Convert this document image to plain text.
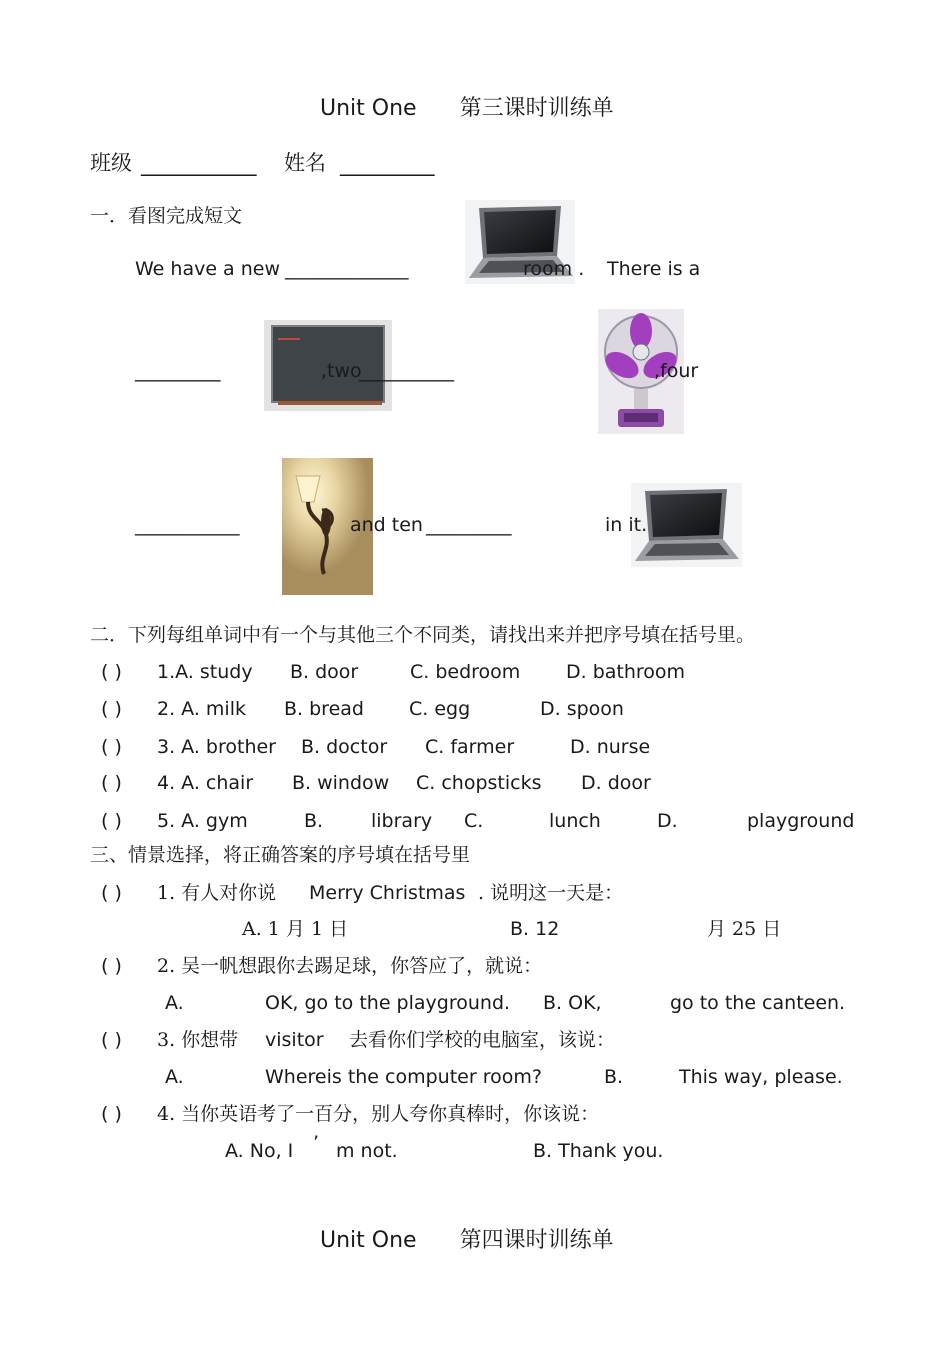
Unit One 第三课时训练单
班级 ___________ 姓名 _________
一．看图完成短文
We have a new _____________	room . There is a
_________	,two
__________	,four
___________	and ten _________	in it.
二．下列每组单词中有一个与其他三个不同类，请找出来并把序号填在括号里。
( ) 1.A. study B. door	C. bedroom D. bathroom
( ) 2. A. milk B. bread C. egg	D. spoon
( ) 3. A. brother B. doctor C. farmer	D. nurse
( ) 4. A. chair B. window C. chopsticks D. door
( ) 5. A. gym	B.	library C.	lunch	D.	playground
三、情景选择，将正确答案的序号填在括号里
( ) 1. 有人对你说 Merry Christmas . 说明这一天是：
A. 1 月 1 日	B. 12	月 25 日
( ) 2. 吴一帆想跟你去踢足球，你答应了，就说：
A.	OK, go to the playground. B. OK,	go to the canteen.
( ) 3. 你想带 visitor 去看你们学校的电脑室，该说：
A.	Whereis the computer room?	B.	This way, please.
( ) 4. 当你英语考了一百分，别人夸你真棒时，你该说：
A. No, I ’ m not.	B. Thank you.
Unit One 第四课时训练单
